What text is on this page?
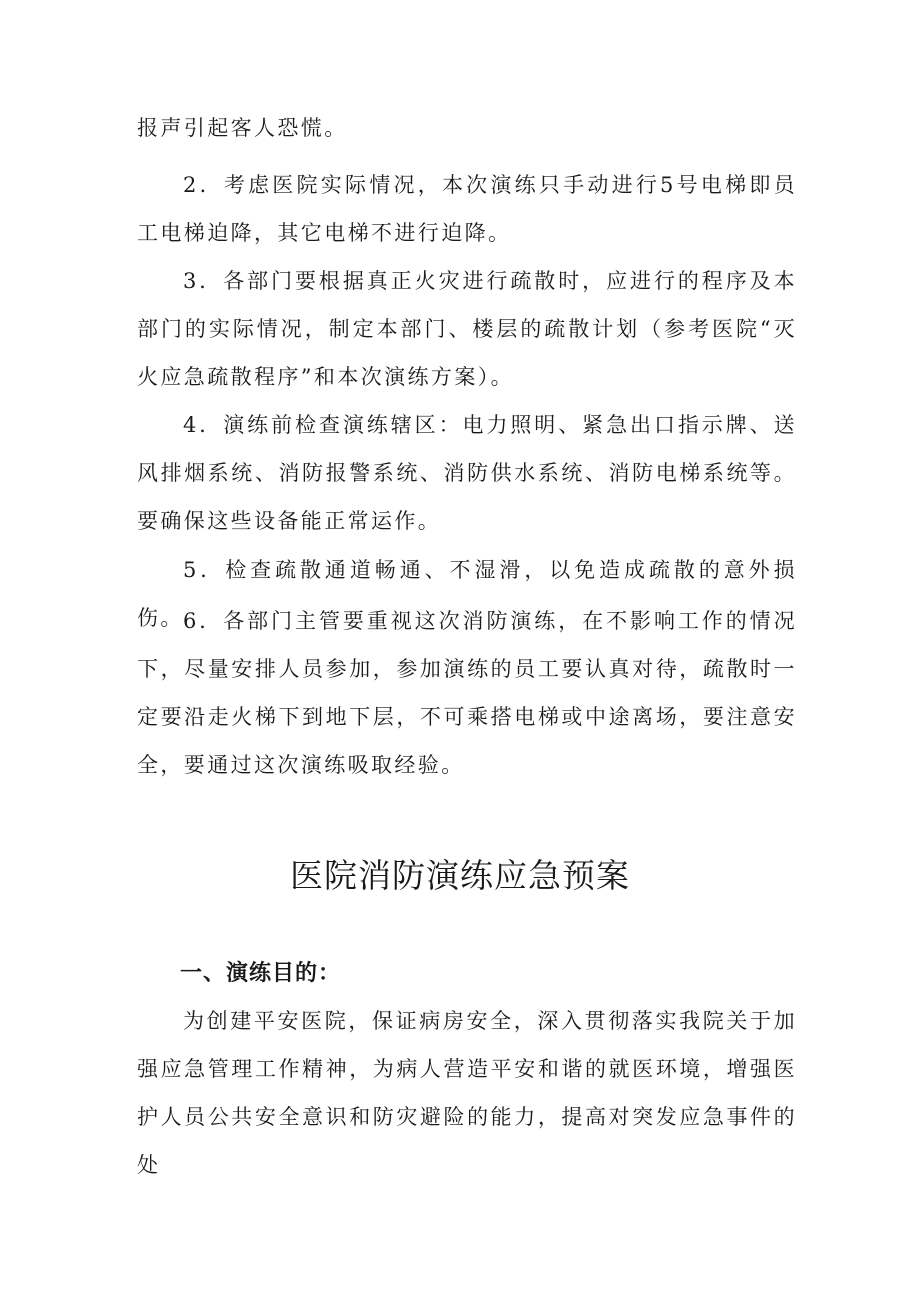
报声引起客人恐慌。

2．考虑医院实际情况，本次演练只手动进行5号电梯即员工电梯迫降，其它电梯不进行迫降。

3．各部门要根据真正火灾进行疏散时，应进行的程序及本部门的实际情况，制定本部门、楼层的疏散计划（参考医院“灭火应急疏散程序”和本次演练方案）。

4．演练前检查演练辖区：电力照明、紧急出口指示牌、送风排烟系统、消防报警系统、消防供水系统、消防电梯系统等。要确保这些设备能正常运作。

5．检查疏散通道畅通、不湿滑，以免造成疏散的意外损伤。 6．各部门主管要重视这次消防演练，在不影响工作的情况下，尽量安排人员参加，参加演练的员工要认真对待，疏散时一定要沿走火梯下到地下层，不可乘搭电梯或中途离场，要注意安全，要通过这次演练吸取经验。

医院消防演练应急预案
一、演练目的：

为创建平安医院，保证病房安全，深入贯彻落实我院关于加强应急管理工作精神，为病人营造平安和谐的就医环境，增强医护人员公共安全意识和防灾避险的能力，提高对突发应急事件的处
